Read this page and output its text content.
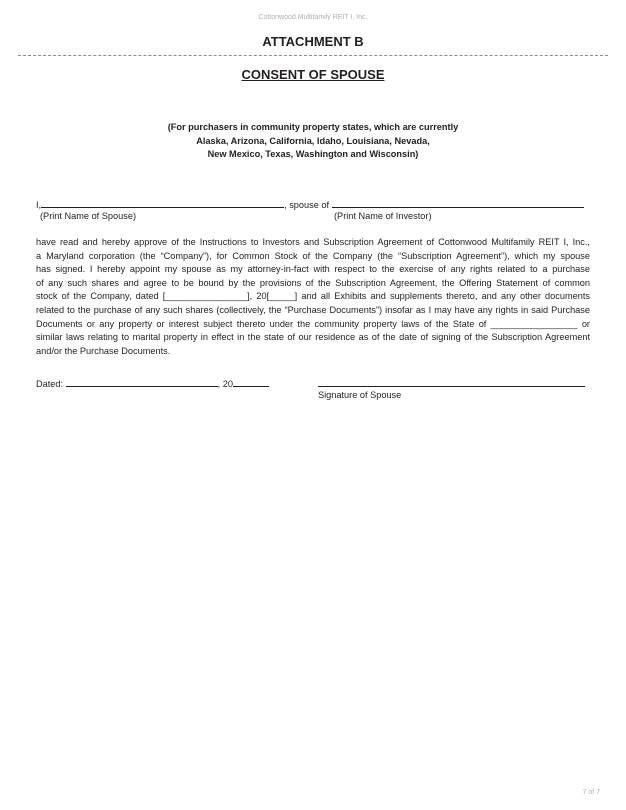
Cottonwood Multifamily REIT I, Inc.
ATTACHMENT B
CONSENT OF SPOUSE
(For purchasers in community property states, which are currently
Alaska, Arizona, California, Idaho, Louisiana, Nevada,
New Mexico, Texas, Washington and Wisconsin)
I,	, spouse of
(Print Name of Spouse)	(Print Name of Investor)
have read and hereby approve of the Instructions to Investors and Subscription Agreement of Cottonwood Multifamily REIT I, Inc.,
a Maryland corporation (the “Company”), for Common Stock of the Company (the “Subscription Agreement”), which my spouse
has signed. I hereby appoint my spouse as my attorney-in-fact with respect to the exercise of any rights related to a purchase
of any such shares and agree to be bound by the provisions of the Subscription Agreement, the Offering Statement of common
stock of the Company, dated [________________], 20[_____] and all Exhibits and supplements thereto, and any other documents
related to the purchase of any such shares (collectively, the “Purchase Documents”) insofar as I may have any rights in said Purchase
Documents or any property or interest subject thereto under the community property laws of the State of _________________ or
similar laws relating to marital property in effect in the state of our residence as of the date of signing of the Subscription Agreement
and/or the Purchase Documents.
Dated:	, 20
Signature of Spouse
7 of 7
